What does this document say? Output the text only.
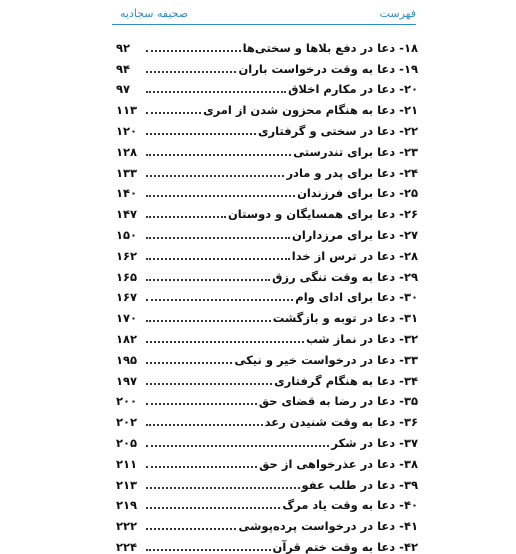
فهرست
صحیفه سجادیه
۱۸- دعا در دفع بلاها و سختی‌ها
۹۲
۱۹- دعا به وقت درخواست باران
۹۴
۲۰- دعا در مکارم اخلاق
۹۷
۲۱- دعا به هنگام محزون شدن از امری
۱۱۳
۲۲- دعا در سختی و گرفتاری
۱۲۰
۲۳- دعا برای تندرستی
۱۲۸
۲۴- دعا برای پدر و مادر
۱۳۳
۲۵- دعا برای فرزندان
۱۴۰
۲۶- دعا برای همسایگان و دوستان
۱۴۷
۲۷- دعا برای مرزداران
۱۵۰
۲۸- دعا در ترس از خدا
۱۶۲
۲۹- دعا به وقت تنگی رزق
۱۶۵
۳۰- دعا برای ادای وام
۱۶۷
۳۱- دعا در توبه و بازگشت
۱۷۰
۳۲- دعا در نماز شب
۱۸۲
۳۳- دعا در درخواست خیر و نیکی
۱۹۵
۳۴- دعا به هنگام گرفتاری
۱۹۷
۳۵- دعا در رضا به قضای حق
۲۰۰
۳۶- دعا به وقت شنیدن رعد
۲۰۲
۳۷- دعا در شکر
۲۰۵
۳۸- دعا در عذرخواهی از حق
۲۱۱
۳۹- دعا در طلب عفو
۲۱۳
۴۰- دعا به وقت یاد مرگ
۲۱۹
۴۱- دعا در درخواست پرده‌پوشی
۲۲۲
۴۲- دعا به وقت ختم قرآن
۲۲۴
